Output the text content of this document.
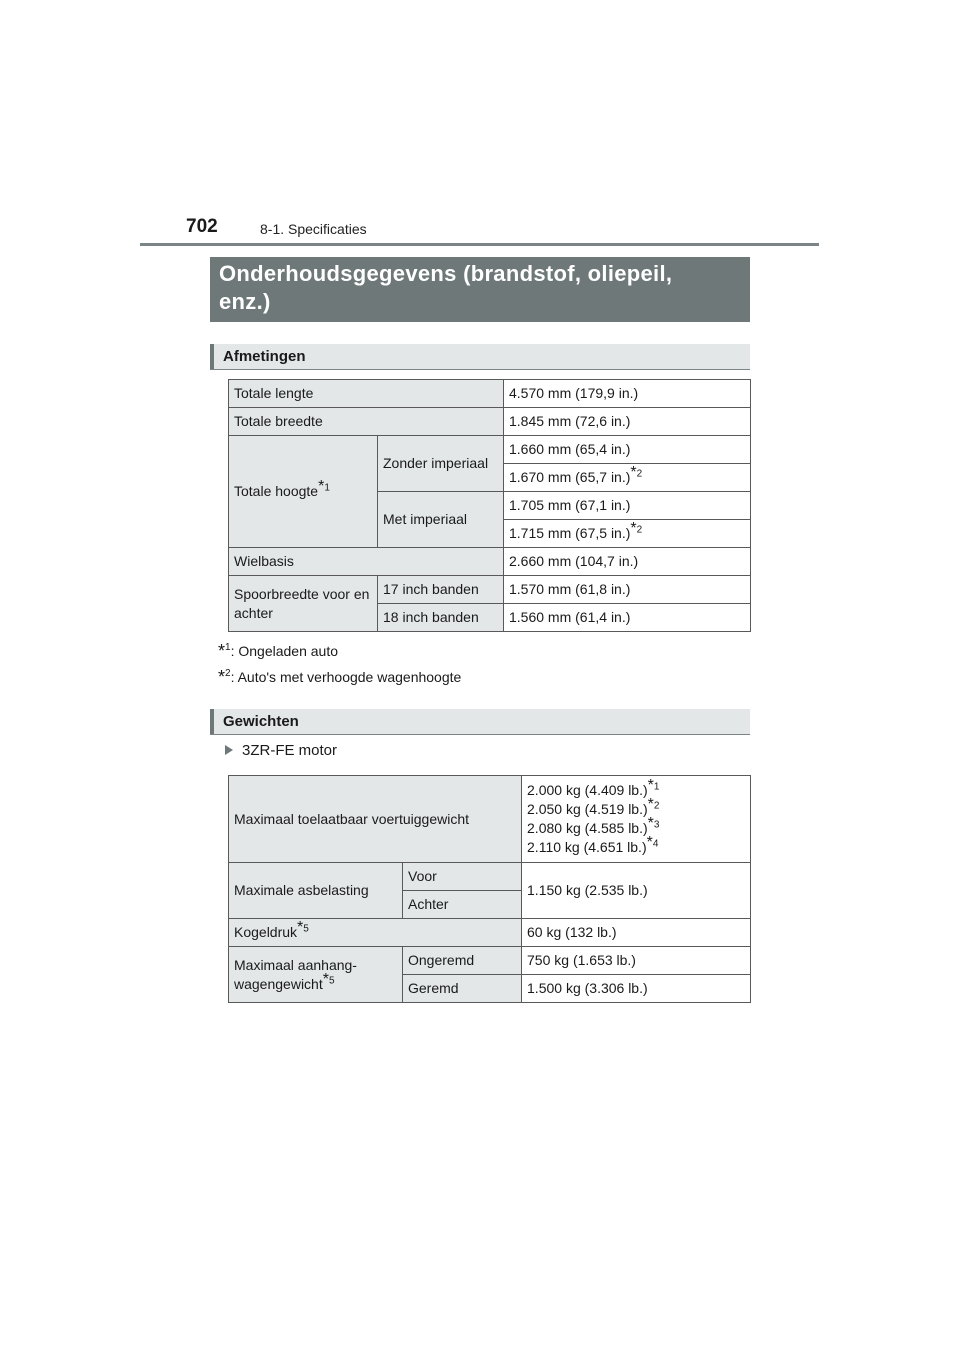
702	8-1. Specificaties
Onderhoudsgegevens (brandstof, oliepeil,
enz.)
Afmetingen
Totale lengte		4.570 mm (179,9 in.)
Totale breedte		1.845 mm (72,6 in.)
Totale hoogte$^{*1}$	Zonder imperiaal	1.660 mm (65,4 in.)
		1.670 mm (65,7 in.)$^{*2}$
	Met imperiaal	1.705 mm (67,1 in.)
		1.715 mm (67,5 in.)$^{*2}$
Wielbasis		2.660 mm (104,7 in.)
Spoorbreedte voor en achter	17 inch banden	1.570 mm (61,8 in.)
	18 inch banden	1.560 mm (61,4 in.)
*$^1$: Ongeladen auto
*$^2$: Auto's met verhoogde wagenhoogte
Gewichten
3ZR-FE motor
Maximaal toelaatbaar voertuiggewicht		2.000 kg (4.409 lb.)$^{*1}$
2.050 kg (4.519 lb.)$^{*2}$
2.080 kg (4.585 lb.)$^{*3}$
2.110 kg (4.651 lb.)$^{*4}$

Maximale asbelasting	Voor	1.150 kg (2.535 lb.)
	Achter	
Kogeldruk$^{*5}$		60 kg (132 lb.)

Maximaal aanhang-
wagengewicht$^{*5}$	Ongeremd	750 kg (1.653 lb.)
	Geremd	1.500 kg (3.306 lb.)
